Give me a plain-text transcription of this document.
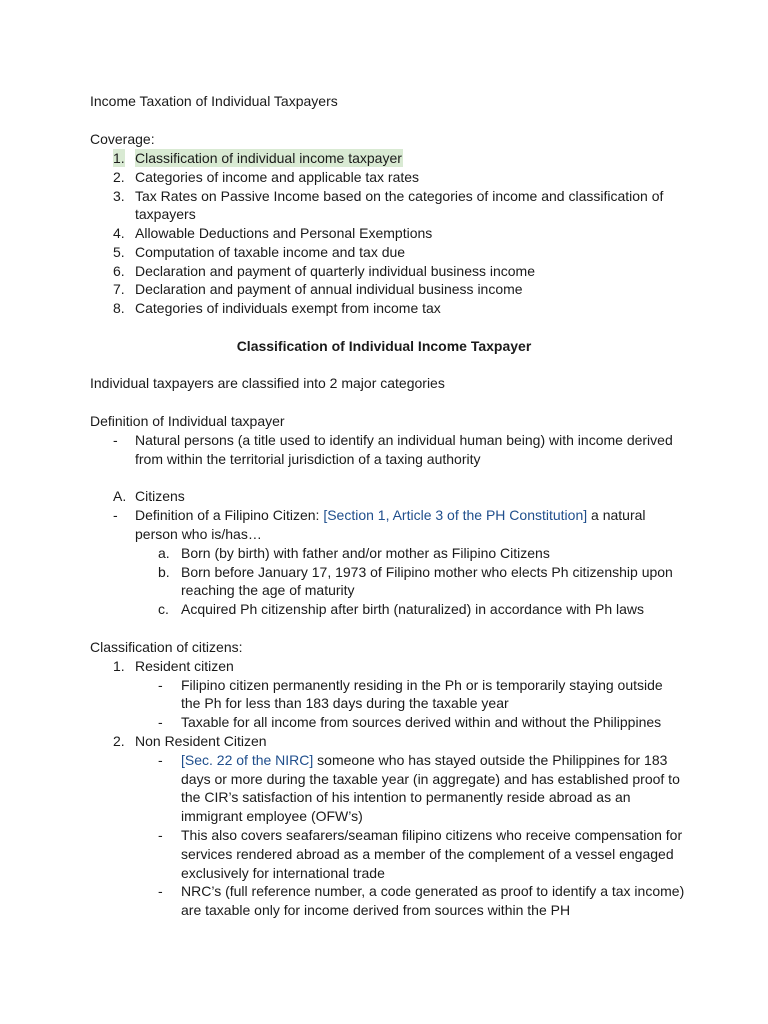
Income Taxation of Individual Taxpayers
Coverage:
1. Classification of individual income taxpayer
2. Categories of income and applicable tax rates
3. Tax Rates on Passive Income based on the categories of income and classification of
taxpayers
4. Allowable Deductions and Personal Exemptions
5. Computation of taxable income and tax due
6. Declaration and payment of quarterly individual business income
7. Declaration and payment of annual individual business income
8. Categories of individuals exempt from income tax
Classification of Individual Income Taxpayer
Individual taxpayers are classified into 2 major categories
Definition of Individual taxpayer
- Natural persons (a title used to identify an individual human being) with income derived
from within the territorial jurisdiction of a taxing authority
A. Citizens
- Definition of a Filipino Citizen: [Section 1, Article 3 of the PH Constitution] a natural
person who is/has…
a. Born (by birth) with father and/or mother as Filipino Citizens
b. Born before January 17, 1973 of Filipino mother who elects Ph citizenship upon
reaching the age of maturity
c. Acquired Ph citizenship after birth (naturalized) in accordance with Ph laws
Classification of citizens:
1. Resident citizen
- Filipino citizen permanently residing in the Ph or is temporarily staying outside
the Ph for less than 183 days during the taxable year
- Taxable for all income from sources derived within and without the Philippines
2. Non Resident Citizen
- [Sec. 22 of the NIRC] someone who has stayed outside the Philippines for 183
days or more during the taxable year (in aggregate) and has established proof to
the CIR’s satisfaction of his intention to permanently reside abroad as an
immigrant employee (OFW’s)
- This also covers seafarers/seaman filipino citizens who receive compensation for
services rendered abroad as a member of the complement of a vessel engaged
exclusively for international trade
- NRC’s (full reference number, a code generated as proof to identify a tax income)
are taxable only for income derived from sources within the PH
